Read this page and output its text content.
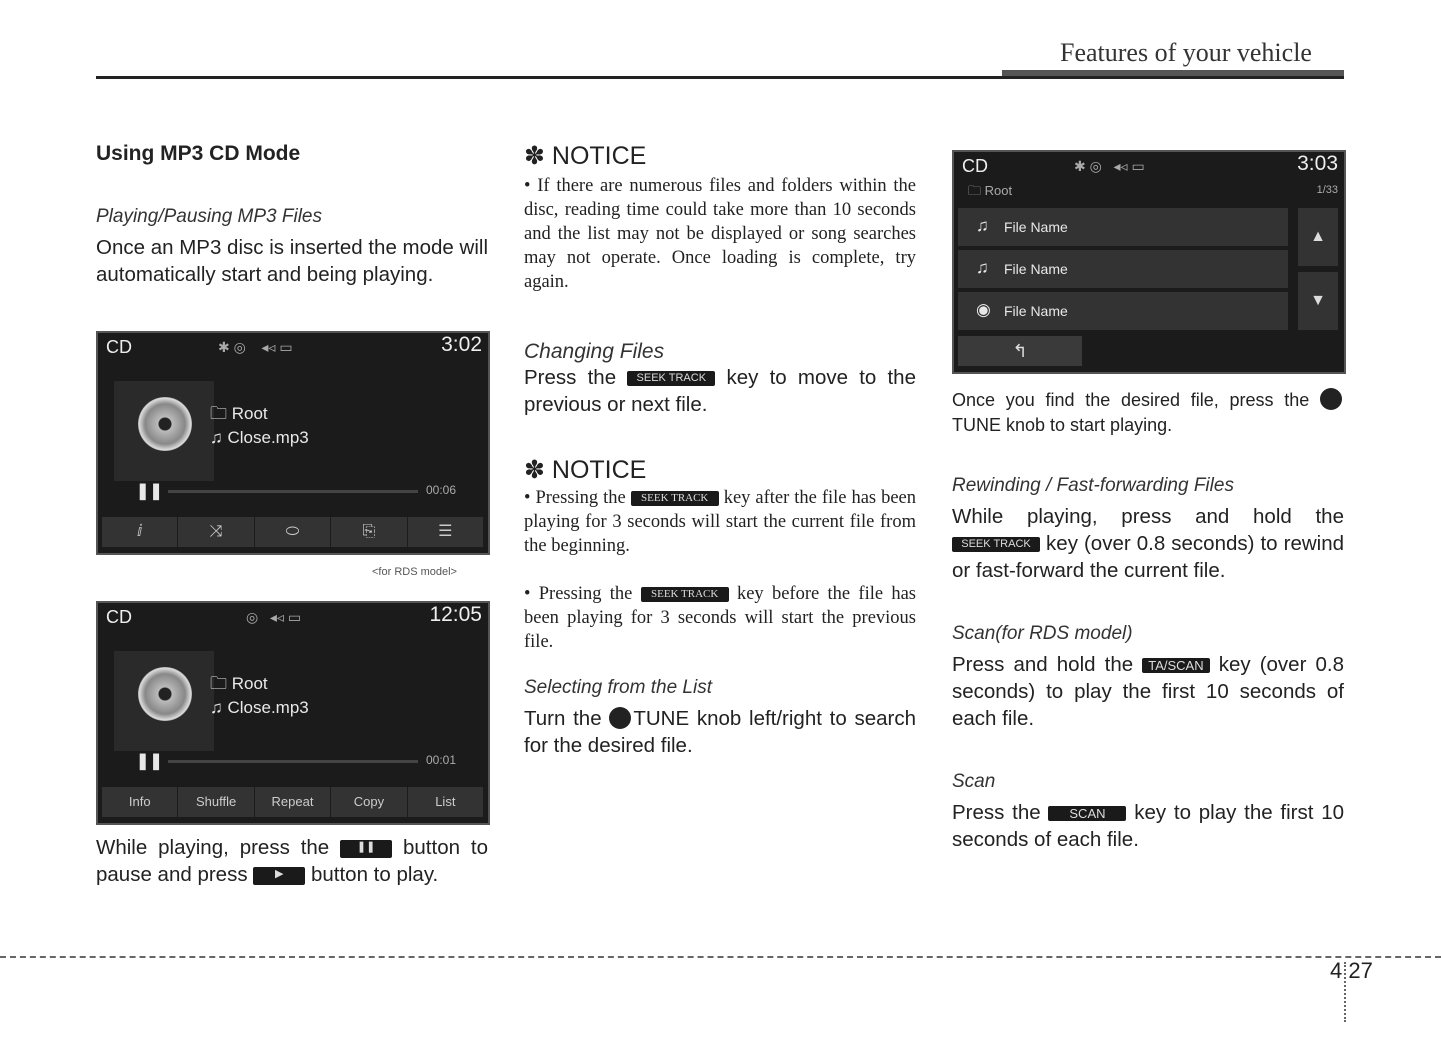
Features of your vehicle
Using MP3 CD Mode
Playing/Pausing MP3 Files
Once an MP3 disc is inserted the mode will automatically start and being playing.
CD	✱ ◎    ◂◃ ▭	3:02
🗀 Root
♫ Close.mp3
❚❚	00:06
ⅈ	⤨	⬭	⎘	☰
<for RDS model>
CD	◎   ◂◃ ▭	12:05
🗀 Root
♫ Close.mp3
❚❚	00:01
Info	Shuffle	Repeat	Copy	List
While playing, press the	❚❚ button to pause and press ▶ button to play.
✽ NOTICE
• If there are numerous files and folders within the disc, reading time could take more than 10 seconds and the list may not be displayed or song searches may not operate. Once loading is complete, try again.
Changing Files
Press the SEEK TRACK key to move to the previous or next file.
✽ NOTICE
• Pressing the SEEK TRACK key after the file has been playing for 3 seconds will start the current file from the beginning.
• Pressing the SEEK TRACK key before the file has been playing for 3 seconds will start the previous file.
Selecting from the List
Turn the TUNE knob left/right to search for the desired file.
CD	✱ ◎   ◂◃ ▭	3:03
🗀 Root	1/33
♫ File Name
♫ File Name
◉ File Name
▲
▼
↰
Once you find the desired file, press the TUNE knob to start playing.
Rewinding / Fast-forwarding Files
While playing, press and hold the SEEK TRACK key (over 0.8 seconds) to rewind or fast-forward the current file.
Scan(for RDS model)
Press and hold the TA/SCAN key (over 0.8 seconds) to play the first 10 seconds of each file.
Scan
Press the SCAN key to play the first 10 seconds of each file.
4 27
